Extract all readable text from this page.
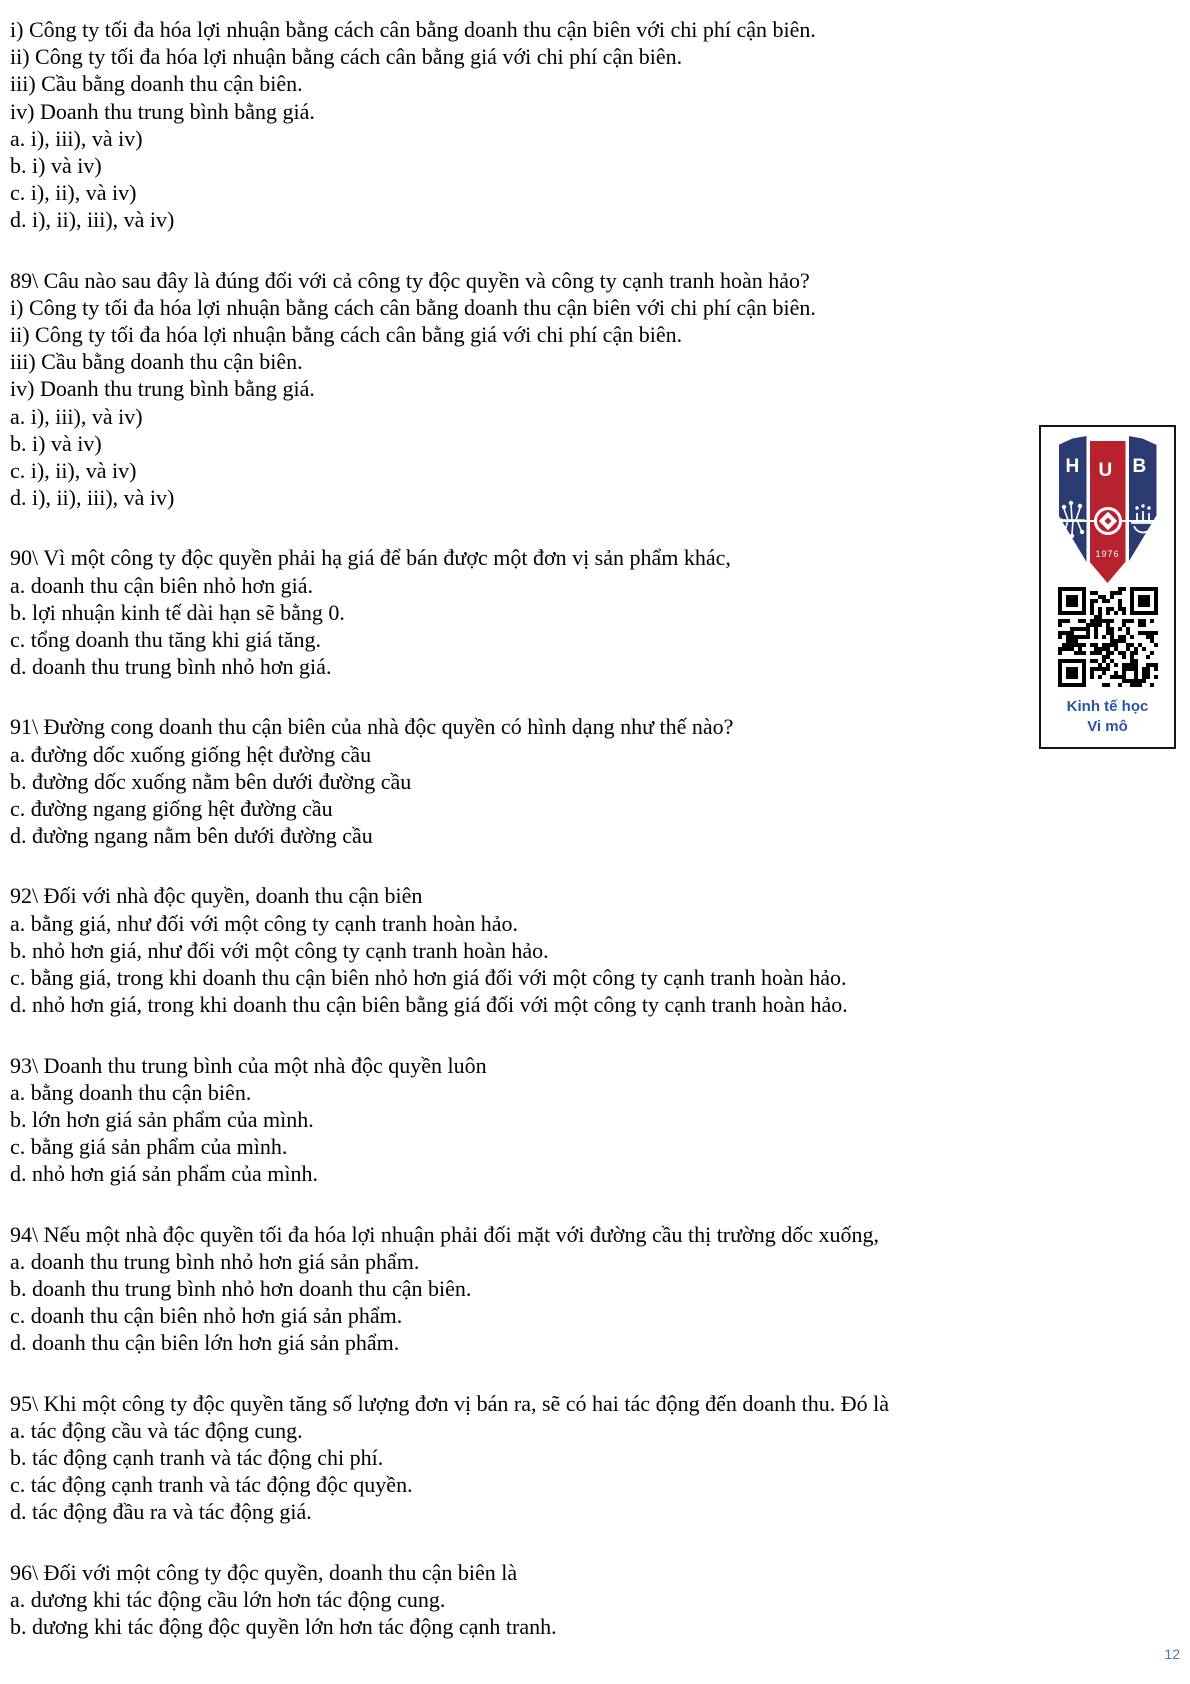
i) Công ty tối đa hóa lợi nhuận bằng cách cân bằng doanh thu cận biên với chi phí cận biên.
ii) Công ty tối đa hóa lợi nhuận bằng cách cân bằng giá với chi phí cận biên.
iii) Cầu bằng doanh thu cận biên.
iv) Doanh thu trung bình bằng giá.
a. i), iii), và iv)
b. i) và iv)
c. i), ii), và iv)
d. i), ii), iii), và iv)
89\ Câu nào sau đây là đúng đối với cả công ty độc quyền và công ty cạnh tranh hoàn hảo?
i) Công ty tối đa hóa lợi nhuận bằng cách cân bằng doanh thu cận biên với chi phí cận biên.
ii) Công ty tối đa hóa lợi nhuận bằng cách cân bằng giá với chi phí cận biên.
iii) Cầu bằng doanh thu cận biên.
iv) Doanh thu trung bình bằng giá.
a. i), iii), và iv)
b. i) và iv)
c. i), ii), và iv)
d. i), ii), iii), và iv)
90\ Vì một công ty độc quyền phải hạ giá để bán được một đơn vị sản phẩm khác,
a. doanh thu cận biên nhỏ hơn giá.
b. lợi nhuận kinh tế dài hạn sẽ bằng 0.
c. tổng doanh thu tăng khi giá tăng.
d. doanh thu trung bình nhỏ hơn giá.
91\ Đường cong doanh thu cận biên của nhà độc quyền có hình dạng như thế nào?
a. đường dốc xuống giống hệt đường cầu
b. đường dốc xuống nằm bên dưới đường cầu
c. đường ngang giống hệt đường cầu
d. đường ngang nằm bên dưới đường cầu
92\ Đối với nhà độc quyền, doanh thu cận biên
a. bằng giá, như đối với một công ty cạnh tranh hoàn hảo.
b. nhỏ hơn giá, như đối với một công ty cạnh tranh hoàn hảo.
c. bằng giá, trong khi doanh thu cận biên nhỏ hơn giá đối với một công ty cạnh tranh hoàn hảo.
d. nhỏ hơn giá, trong khi doanh thu cận biên bằng giá đối với một công ty cạnh tranh hoàn hảo.
93\ Doanh thu trung bình của một nhà độc quyền luôn
a. bằng doanh thu cận biên.
b. lớn hơn giá sản phẩm của mình.
c. bằng giá sản phẩm của mình.
d. nhỏ hơn giá sản phẩm của mình.
94\ Nếu một nhà độc quyền tối đa hóa lợi nhuận phải đối mặt với đường cầu thị trường dốc xuống,
a. doanh thu trung bình nhỏ hơn giá sản phẩm.
b. doanh thu trung bình nhỏ hơn doanh thu cận biên.
c. doanh thu cận biên nhỏ hơn giá sản phẩm.
d. doanh thu cận biên lớn hơn giá sản phẩm.
95\ Khi một công ty độc quyền tăng số lượng đơn vị bán ra, sẽ có hai tác động đến doanh thu. Đó là
a. tác động cầu và tác động cung.
b. tác động cạnh tranh và tác động chi phí.
c. tác động cạnh tranh và tác động độc quyền.
d. tác động đầu ra và tác động giá.
96\ Đối với một công ty độc quyền, doanh thu cận biên là
a. dương khi tác động cầu lớn hơn tác động cung.
b. dương khi tác động độc quyền lớn hơn tác động cạnh tranh.
H U B
1976
Kinh tế học
Vi mô
12
